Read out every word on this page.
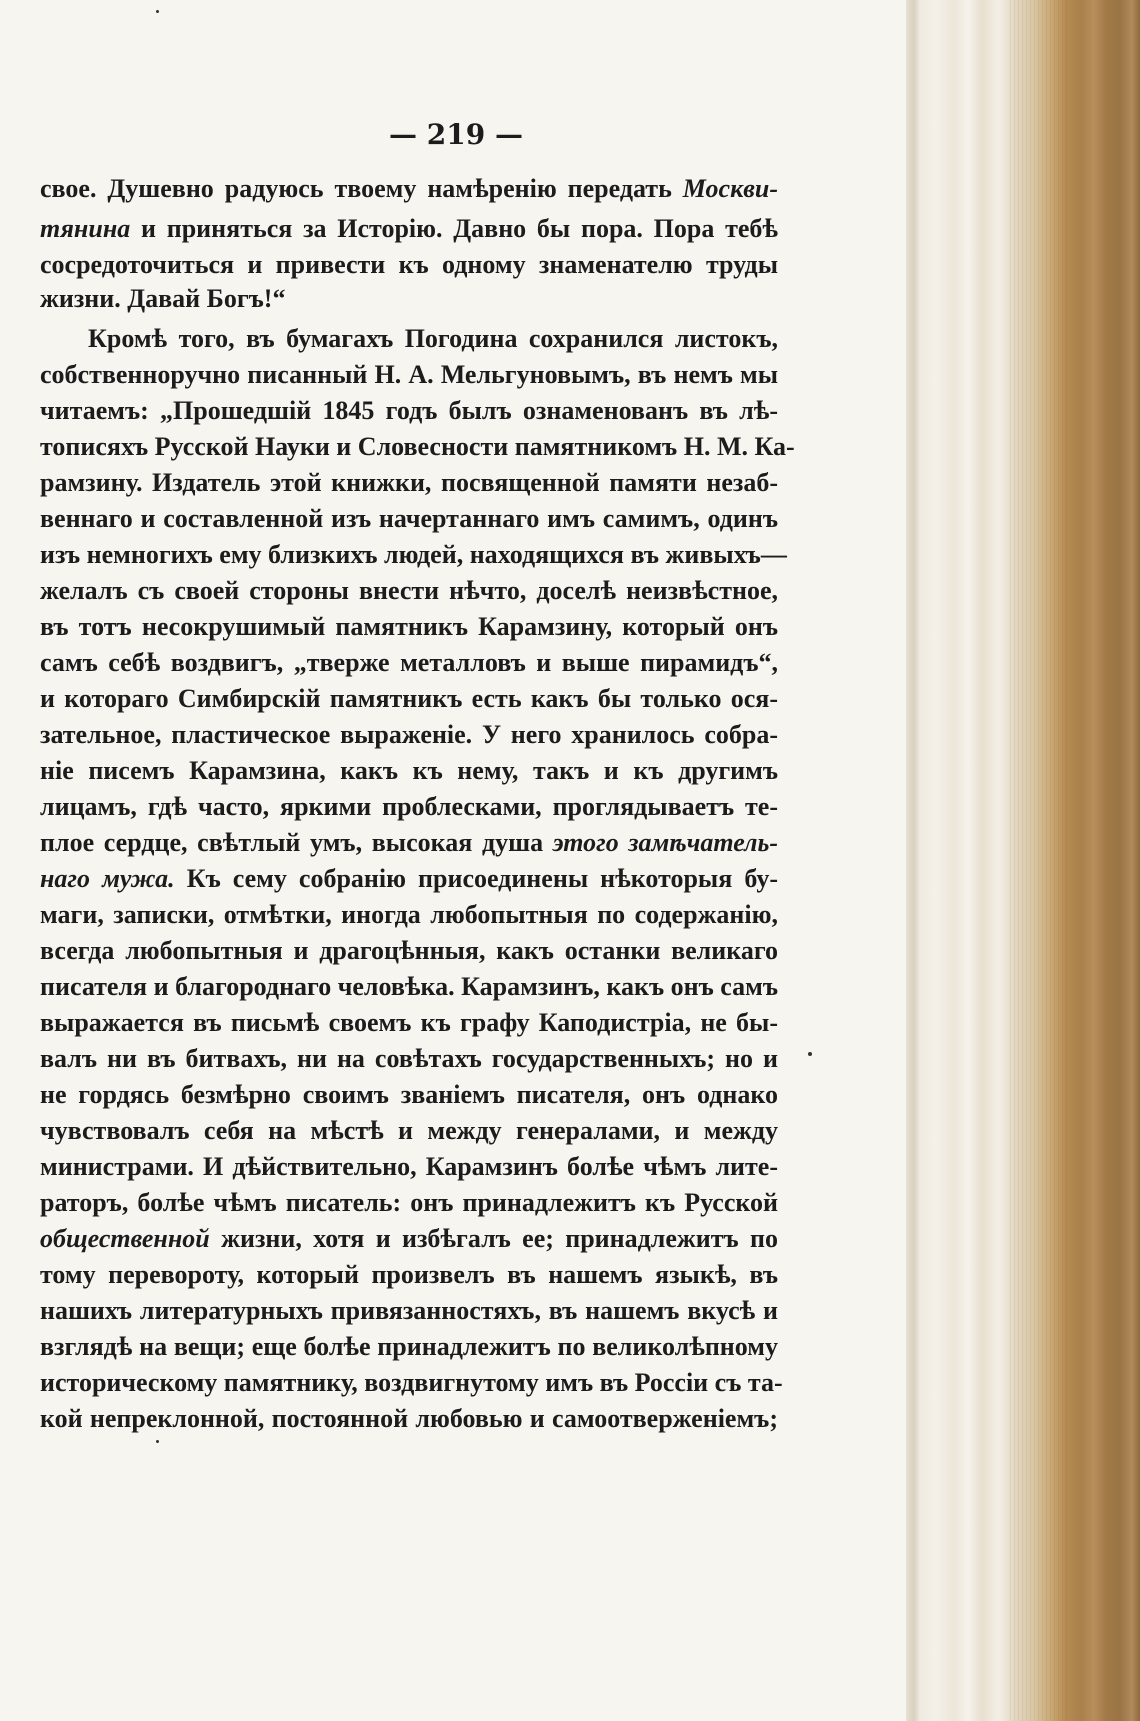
— 219 —

свое. Душевно радуюсь твоему намѣренію передать Москви-

тянина и приняться за Исторію. Давно бы пора. Пора тебѣ

сосредоточиться и привести къ одному знаменателю труды

жизни. Давай Богъ!“

Кромѣ того, въ бумагахъ Погодина сохранился листокъ,

собственноручно писанный Н. А. Мельгуновымъ, въ немъ мы

читаемъ: „Прошедшій 1845 годъ былъ ознаменованъ въ лѣ-

тописяхъ Русской Науки и Словесности памятникомъ Н. М. Ка-

рамзину. Издатель этой книжки, посвященной памяти незаб-

веннаго и составленной изъ начертаннаго имъ самимъ, одинъ

изъ немногихъ ему близкихъ людей, находящихся въ живыхъ—

желалъ съ своей стороны внести нѣчто, доселѣ неизвѣстное,

въ тотъ несокрушимый памятникъ Карамзину, который онъ

самъ себѣ воздвигъ, „тверже металловъ и выше пирамидъ“,

и котораго Симбирскій памятникъ есть какъ бы только ося-

зательное, пластическое выраженіе. У него хранилось собра-

ніе писемъ Карамзина, какъ къ нему, такъ и къ другимъ

лицамъ, гдѣ часто, яркими проблесками, проглядываетъ те-

плое сердце, свѣтлый умъ, высокая душа этого замѣчатель-

наго мужа. Къ сему собранію присоединены нѣкоторыя бу-

маги, записки, отмѣтки, иногда любопытныя по содержанію,

всегда любопытныя и драгоцѣнныя, какъ останки великаго

писателя и благороднаго человѣка. Карамзинъ, какъ онъ самъ

выражается въ письмѣ своемъ къ графу Каподистріа, не бы-

валъ ни въ битвахъ, ни на совѣтахъ государственныхъ; но и

не гордясь безмѣрно своимъ званіемъ писателя, онъ однако

чувствовалъ себя на мѣстѣ и между генералами, и между

министрами. И дѣйствительно, Карамзинъ болѣе чѣмъ лите-

раторъ, болѣе чѣмъ писатель: онъ принадлежитъ къ Русской

общественной жизни, хотя и избѣгалъ ее; принадлежитъ по

тому перевороту, который произвелъ въ нашемъ языкѣ, въ

нашихъ литературныхъ привязанностяхъ, въ нашемъ вкусѣ и

взглядѣ на вещи; еще болѣе принадлежитъ по великолѣпному

историческому памятнику, воздвигнутому имъ въ Россіи съ та-

кой непреклонной, постоянной любовью и самоотверженіемъ;
